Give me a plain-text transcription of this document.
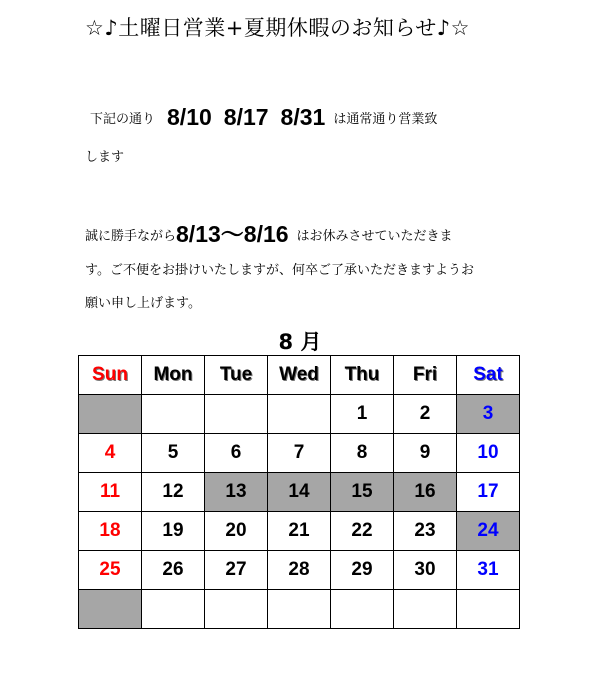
☆♪土曜日営業+夏期休暇のお知らせ♪☆
下記の通り 8/10 8/17 8/31 は通常通り営業致
します
誠に勝手ながら8/13〜8/16 はお休みさせていただきま
す。ご不便をお掛けいたしますが、何卒ご了承いただきますようお
願い申し上げます。
8 月
Sun	Mon	Tue	Wed	Thu	Fri	Sat
				1	2	3
4	5	6	7	8	9	10
11	12	13	14	15	16	17
18	19	20	21	22	23	24
25	26	27	28	29	30	31
